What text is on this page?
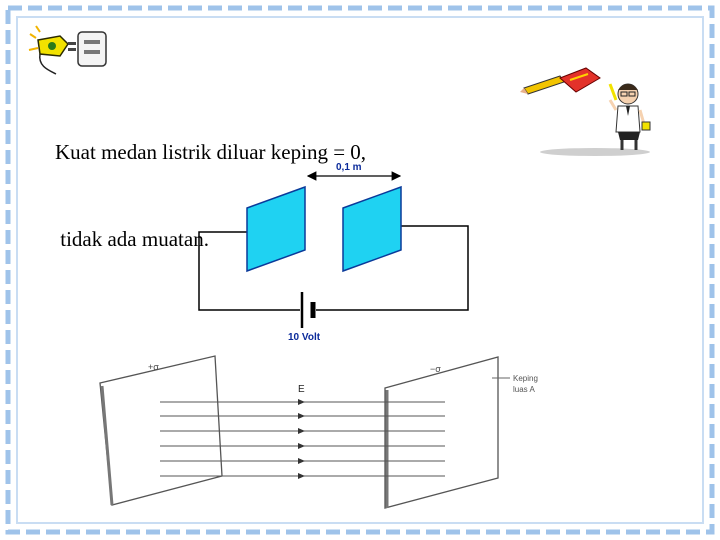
Kuat medan listrik diluar keping = 0,

tidak ada muatan.

0,1 m
10 Volt
+σ	−σ
E
Keping
luas A
